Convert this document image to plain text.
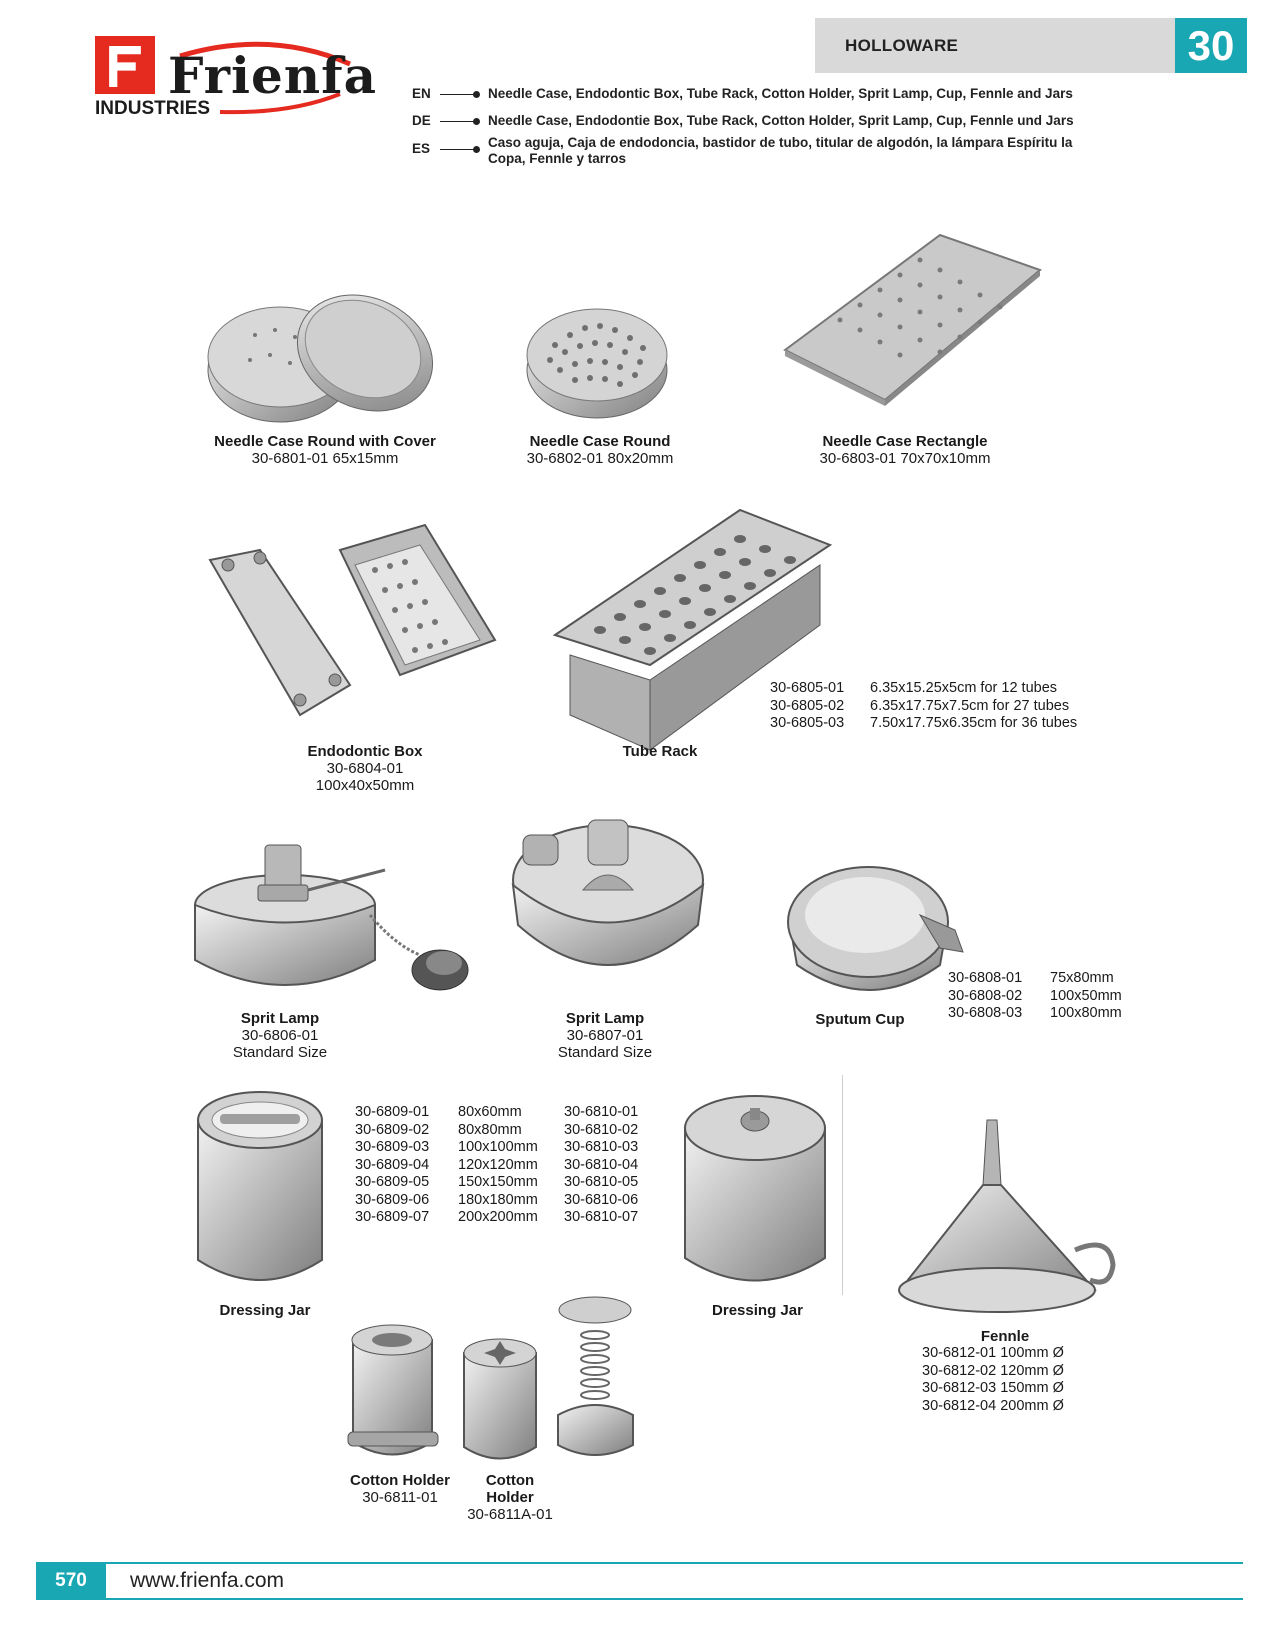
Frienfa
INDUSTRIES
HOLLOWARE	30
EN	Needle Case, Endodontic Box, Tube Rack, Cotton Holder, Sprit Lamp, Cup, Fennle and Jars
DE	Needle Case, Endodontie Box, Tube Rack, Cotton Holder, Sprit Lamp, Cup, Fennle und Jars
ES	Caso aguja, Caja de endodoncia, bastidor de tubo, titular de algodón, la lámpara Espíritu la Copa, Fennle y tarros
Needle Case Round with Cover
30-6801-01 65x15mm
Needle Case Round
30-6802-01 80x20mm
Needle Case Rectangle
30-6803-01 70x70x10mm
Endodontic Box
30-6804-01
100x40x50mm
Tube Rack
30-6805-01 6.35x15.25x5cm for 12 tubes
30-6805-02 6.35x17.75x7.5cm for 27 tubes
30-6805-03 7.50x17.75x6.35cm for 36 tubes
Sprit Lamp
30-6806-01
Standard Size
Sprit Lamp
30-6807-01
Standard Size
Sputum Cup
30-6808-01 75x80mm
30-6808-02 100x50mm
30-6808-03 100x80mm
Dressing Jar
30-6809-01 80x60mm	30-6810-01
30-6809-02 80x80mm	30-6810-02
30-6809-03 100x100mm 30-6810-03
30-6809-04 120x120mm 30-6810-04
30-6809-05 150x150mm 30-6810-05
30-6809-06 180x180mm 30-6810-06
30-6809-07 200x200mm 30-6810-07
Dressing Jar
Fennle
30-6812-01 100mm Ø
30-6812-02 120mm Ø
30-6812-03 150mm Ø
30-6812-04 200mm Ø
Cotton Holder
30-6811-01
Cotton
Holder
30-6811A-01
570	www.frienfa.com
